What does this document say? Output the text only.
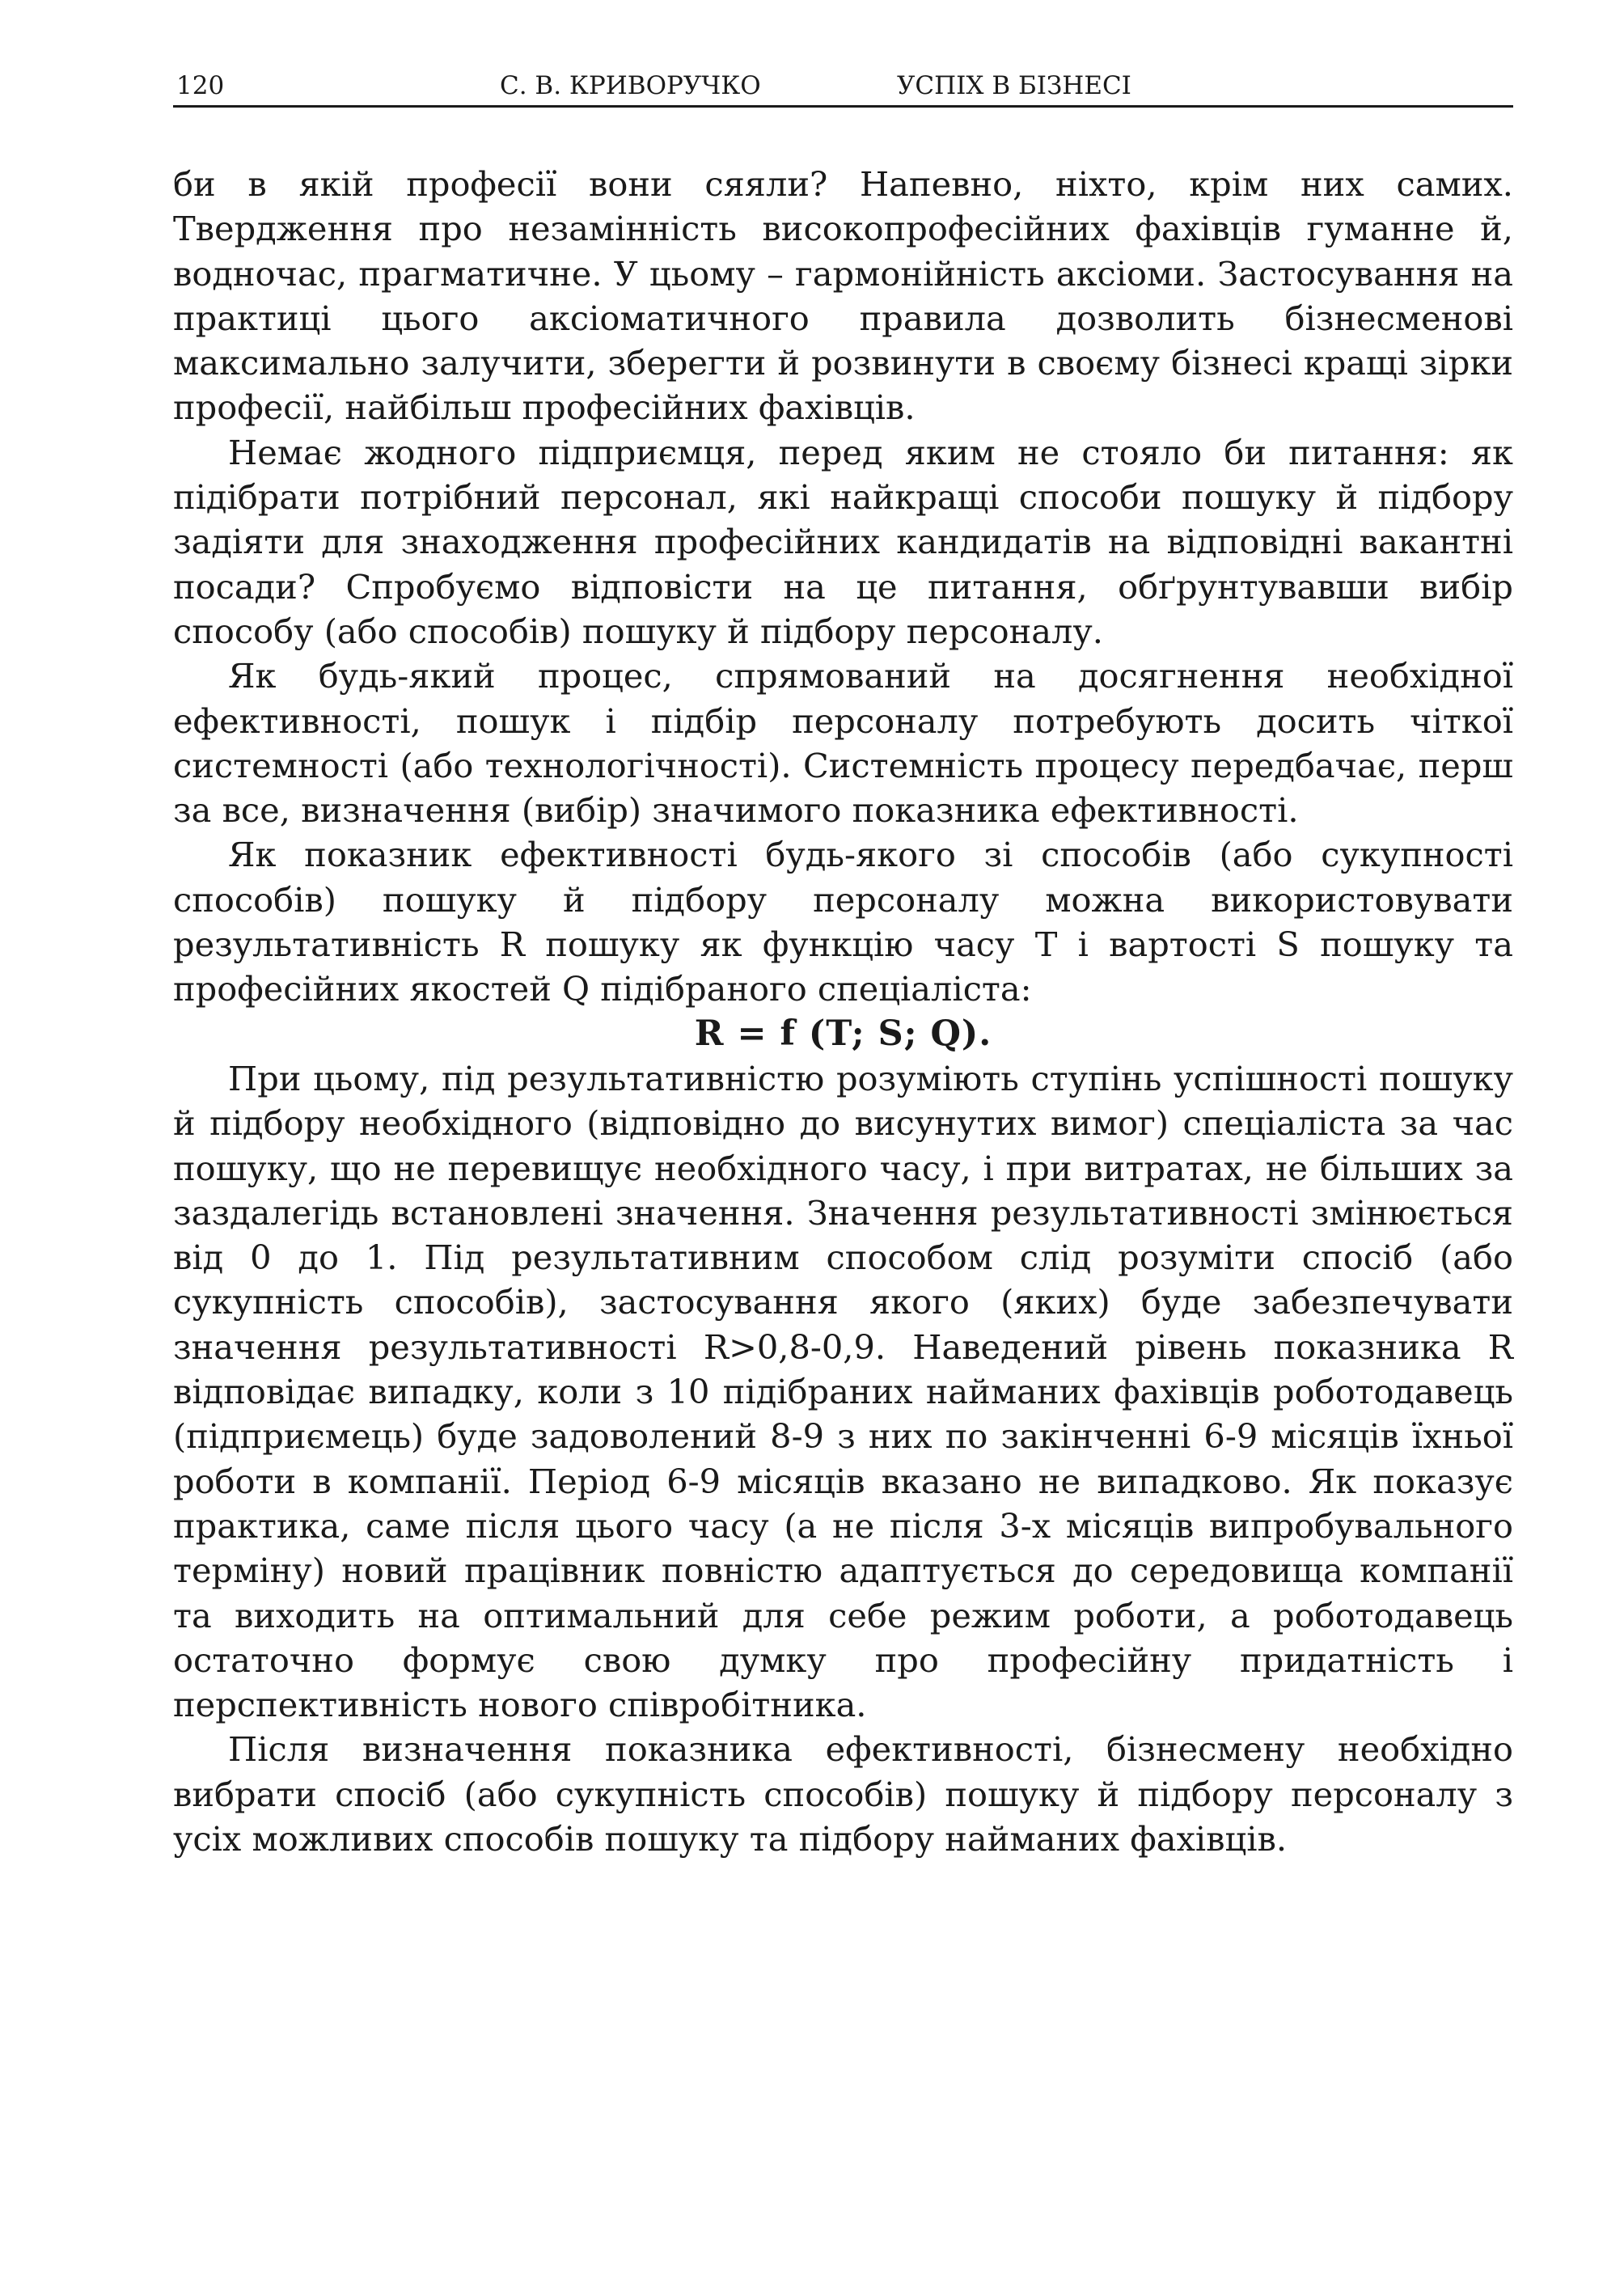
120	С. В. КРИВОРУЧКО	УСПІХ В БІЗНЕСІ

би в якій професії вони сяяли? Напевно, ніхто, крім них самих. Твердження про незамінність високопрофесійних фахівців гуманне й, водночас, прагматичне. У цьому – гармонійність аксіоми. Застосування на практиці цього аксіоматичного правила дозволить бізнесменові максимально залучити, зберегти й розвинути в своєму бізнесі кращі зірки професії, найбільш професійних фахівців.

Немає жодного підприємця, перед яким не стояло би питання: як підібрати потрібний персонал, які найкращі способи пошуку й підбору задіяти для знаходження професійних кандидатів на відповідні вакантні посади? Спробуємо відповісти на це питання, обґрунтувавши вибір способу (або способів) пошуку й підбору персоналу.

Як будь-який процес, спрямований на досягнення необхідної ефективності, пошук і підбір персоналу потребують досить чіткої системності (або технологічності). Системність процесу передбачає, перш за все, визначення (вибір) значимого показника ефективності.

Як показник ефективності будь-якого зі способів (або сукупності способів) пошуку й підбору персоналу можна використовувати результативність R пошуку як функцію часу T і вартості S пошуку та професійних якостей Q підібраного спеціаліста:

R = f (T; S; Q).

При цьому, під результативністю розуміють ступінь успішності пошуку й підбору необхідного (відповідно до висунутих вимог) спеціаліста за час пошуку, що не перевищує необхідного часу, і при витратах, не більших за заздалегідь встановлені значення. Значення результативності змінюється від 0 до 1. Під результативним способом слід розуміти спосіб (або сукупність способів), застосування якого (яких) буде забезпечувати значення результативності R>0,8-0,9. Наведений рівень показника R відповідає випадку, коли з 10 підібраних найманих фахівців роботодавець (підприємець) буде задоволений 8-9 з них по закінченні 6-9 місяців їхньої роботи в компанії. Період 6-9 місяців вказано не випадково. Як показує практика, саме після цього часу (а не після 3-х місяців випробувального терміну) новий працівник повністю адаптується до середовища компанії та виходить на оптимальний для себе режим роботи, а роботодавець остаточно формує свою думку про професійну придатність і перспективність нового співробітника.

Після визначення показника ефективності, бізнесмену необхідно вибрати спосіб (або сукупність способів) пошуку й підбору персоналу з усіх можливих способів пошуку та підбору найманих фахівців.
